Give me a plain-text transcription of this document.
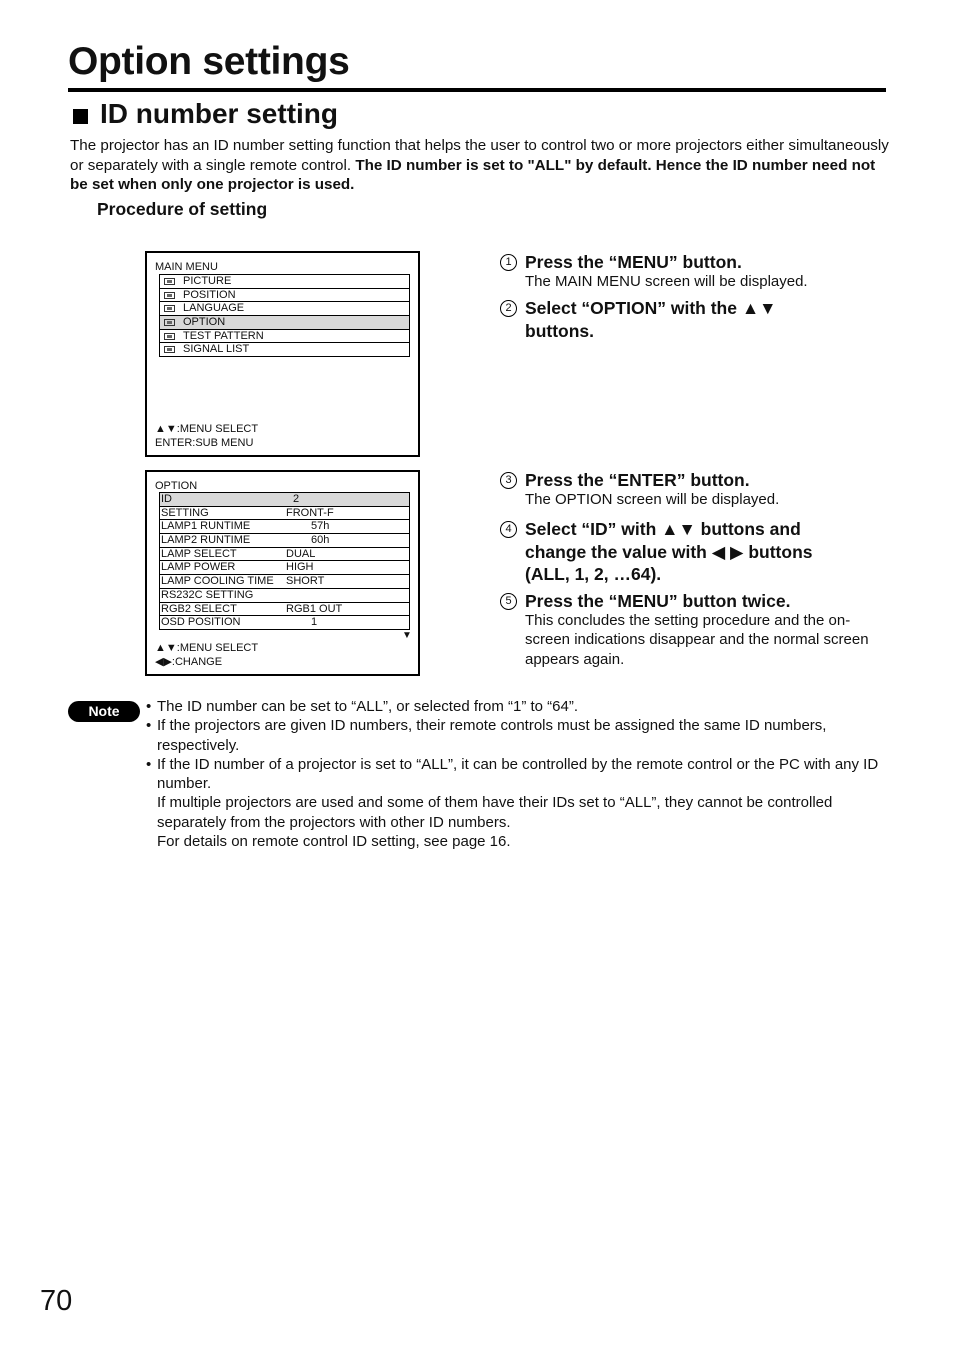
Option settings
ID number setting
The projector has an ID number setting function that helps the user to control two or more projectors either simultaneously or separately with a single remote control. The ID number is set to "ALL" by default. Hence the ID number need not be set when only one projector is used.
Procedure of setting
MAIN MENU
PICTURE
POSITION
LANGUAGE
OPTION
TEST PATTERN
SIGNAL LIST
▲▼:MENU SELECT
ENTER:SUB MENU
OPTION
ID	2
SETTING	FRONT-F
LAMP1 RUNTIME	57h
LAMP2 RUNTIME	60h
LAMP SELECT	DUAL
LAMP POWER	HIGH
LAMP COOLING TIME SHORT
RS232C SETTING
RGB2 SELECT	RGB1 OUT
OSD POSITION	1
▼
▲▼:MENU SELECT
◀▶:CHANGE
1 Press the “MENU” button.
The MAIN MENU screen will be displayed.
2 Select “OPTION” with the ▲▼
buttons.
3 Press the “ENTER” button.
The OPTION screen will be displayed.
4 Select “ID” with ▲▼ buttons and
change the value with ◀ ▶ buttons
(ALL, 1, 2, …64).
5 Press the “MENU” button twice.
This concludes the setting procedure and the on-screen indications disappear and the normal screen appears again.
Note
•	The ID number can be set to “ALL”, or selected from “1” to “64”.
• If the projectors are given ID numbers, their remote controls must be assigned the same ID numbers, respectively.
• If the ID number of a projector is set to “ALL”, it can be controlled by the remote control or the PC with any ID number.
If multiple projectors are used and some of them have their IDs set to “ALL”, they cannot be controlled separately from the projectors with other ID numbers.
For details on remote control ID setting, see page 16.
70
